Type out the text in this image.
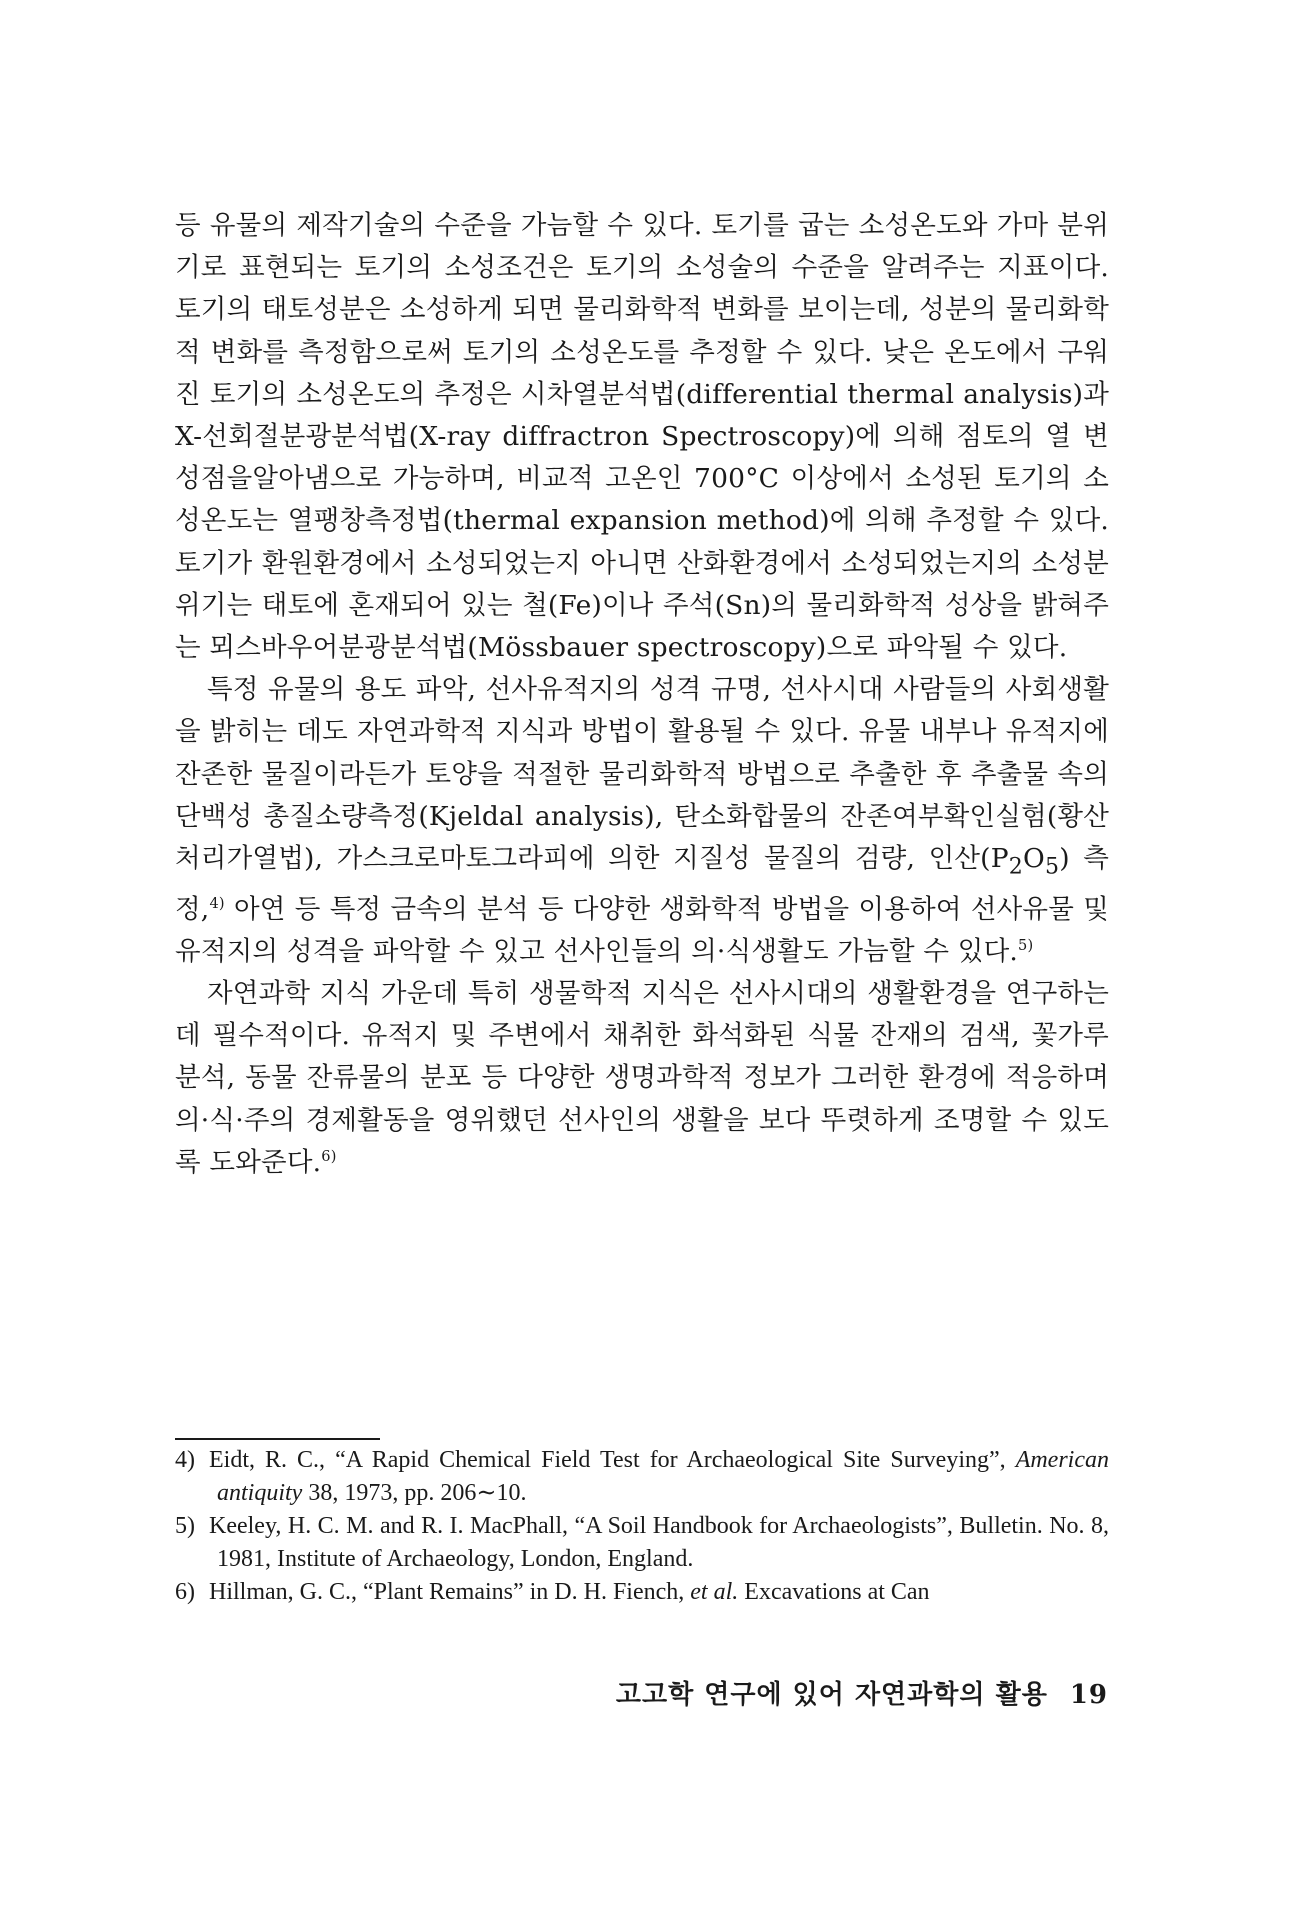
등 유물의 제작기술의 수준을 가늠할 수 있다. 토기를 굽는 소성온도와 가마 분위기로 표현되는 토기의 소성조건은 토기의 소성술의 수준을 알려주는 지표이다. 토기의 태토성분은 소성하게 되면 물리화학적 변화를 보이는데, 성분의 물리화학적 변화를 측정함으로써 토기의 소성온도를 추정할 수 있다. 낮은 온도에서 구워진 토기의 소성온도의 추정은 시차열분석법(differential thermal analysis)과 X-선회절분광분석법(X-ray diffractron Spectroscopy)에 의해 점토의 열 변성점을알아냄으로 가능하며, 비교적 고온인 700°C 이상에서 소성된 토기의 소성온도는 열팽창측정법(thermal expansion method)에 의해 추정할 수 있다. 토기가 환원환경에서 소성되었는지 아니면 산화환경에서 소성되었는지의 소성분위기는 태토에 혼재되어 있는 철(Fe)이나 주석(Sn)의 물리화학적 성상을 밝혀주는 뫼스바우어분광분석법(Mössbauer spectroscopy)으로 파악될 수 있다.

특정 유물의 용도 파악, 선사유적지의 성격 규명, 선사시대 사람들의 사회생활을 밝히는 데도 자연과학적 지식과 방법이 활용될 수 있다. 유물 내부나 유적지에 잔존한 물질이라든가 토양을 적절한 물리화학적 방법으로 추출한 후 추출물 속의 단백성 총질소량측정(Kjeldal analysis), 탄소화합물의 잔존여부확인실험(황산처리가열법), 가스크로마토그라피에 의한 지질성 물질의 검량, 인산$(P_2O_5)$ 측정,$^{4)}$ 아연 등 특정 금속의 분석 등 다양한 생화학적 방법을 이용하여 선사유물 및 유적지의 성격을 파악할 수 있고 선사인들의 의·식생활도 가늠할 수 있다.$^{5)}$

자연과학 지식 가운데 특히 생물학적 지식은 선사시대의 생활환경을 연구하는 데 필수적이다. 유적지 및 주변에서 채취한 화석화된 식물 잔재의 검색, 꽃가루 분석, 동물 잔류물의 분포 등 다양한 생명과학적 정보가 그러한 환경에 적응하며 의·식·주의 경제활동을 영위했던 선사인의 생활을 보다 뚜렷하게 조명할 수 있도록 도와준다.$^{6)}$

4) Eidt, R. C., “A Rapid Chemical Field Test for Archaeological Site Surveying”, American antiquity 38, 1973, pp. 206∼10.
5) Keeley, H. C. M. and R. I. MacPhall, “A Soil Handbook for Archaeologists”, Bulletin. No. 8, 1981, Institute of Archaeology, London, England.
6) Hillman, G. C., “Plant Remains” in D. H. Fiench, et al. Excavations at Can
고고학 연구에 있어 자연과학의 활용 19
